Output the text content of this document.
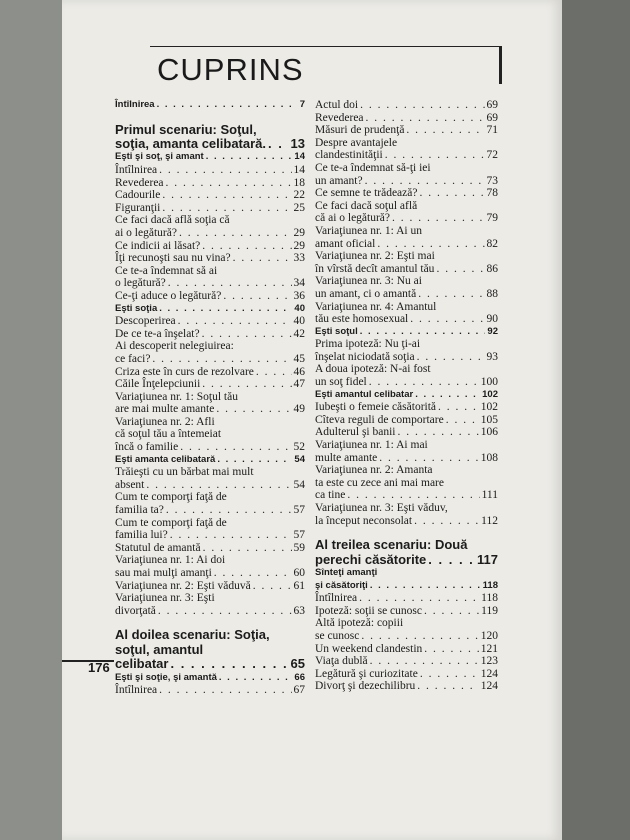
CUPRINS
176
Întîlnirea . . .	7
Primul scenariu: Soţul,
soţia, amanta celibatară. . . . 13
Eşti şi soţ, şi amant . . .	14
Întîlnirea . . .	14
Revederea . . .	18
Cadourile . . .	22
Figuranţii . . .	25
Ce faci dacă află soţia că
ai o legătură? . . .	29
Ce indicii ai lăsat? . . .	29
Îţi recunoşti sau nu vina? . . .	33
Ce te-a îndemnat să ai
o legătură? . . .	34
Ce-ţi aduce o legătură? . . .	36
Eşti soţia . . .	40
Descoperirea . . .	40
De ce te-a înşelat? . . .	42
Ai descoperit nelegiuirea:
ce faci? . . .	45
Criza este în curs de rezolvare . . .	46
Căile Înţelepciunii . . .	47
Variaţiunea nr. 1: Soţul tău
are mai multe amante . . .	49
Variaţiunea nr. 2: Afli
că soţul tău a întemeiat
încă o familie . . .	52
Eşti amanta celibatară . . .	54
Trăieşti cu un bărbat mai mult
absent . . .	54
Cum te comporţi faţă de
familia ta? . . .	57
Cum te comporţi faţă de
familia lui? . . .	57
Statutul de amantă . . .	59
Variaţiunea nr. 1: Ai doi
sau mai mulţi amanţi . . .	60
Variaţiunea nr. 2: Eşti văduvă . . .	61
Variaţiunea nr. 3: Eşti
divorţată . . .	63
Al doilea scenariu: Soţia,
soţul, amantul
celibatar . . .	65
Eşti şi soţie, şi amantă . . .	66
Întîlnirea . . .	67
Actul doi . . .	69
Revederea . . .	69
Măsuri de prudenţă . . .	71
Despre avantajele
clandestinităţii . . .	72
Ce te-a îndemnat să-ţi iei
un amant? . . .	73
Ce semne te trădează? . . .	78
Ce faci dacă soţul află
că ai o legătură? . . .	79
Variaţiunea nr. 1: Ai un
amant oficial . . .	82
Variaţiunea nr. 2: Eşti mai
în vîrstă decît amantul tău . . .	86
Variaţiunea nr. 3: Nu ai
un amant, ci o amantă . . .	88
Variaţiunea nr. 4: Amantul
tău este homosexual . . .	90
Eşti soţul . . .	92
Prima ipoteză: Nu ţi-ai
înşelat niciodată soţia . . .	93
A doua ipoteză: N-ai fost
un soţ fidel . . .	100
Eşti amantul celibatar . . .	102
Iubeşti o femeie căsătorită . . .	102
Cîteva reguli de comportare . . .	105
Adulterul şi banii . . .	106
Variaţiunea nr. 1: Ai mai
multe amante . . .	108
Variaţiunea nr. 2: Amanta
ta este cu zece ani mai mare
ca tine . . .	111
Variaţiunea nr. 3: Eşti văduv,
la început neconsolat . . .	112
Al treilea scenariu: Două
perechi căsătorite . . .	117
Sînteţi amanţi
şi căsătoriţi . . .	118
Întîlnirea . . .	118
Ipoteză: soţii se cunosc . . .	119
Altă ipoteză: copiii
se cunosc . . .	120
Un weekend clandestin . . .	121
Viaţa dublă . . .	123
Legătură şi curiozitate . . .	124
Divorţ şi dezechilibru . . .	124
